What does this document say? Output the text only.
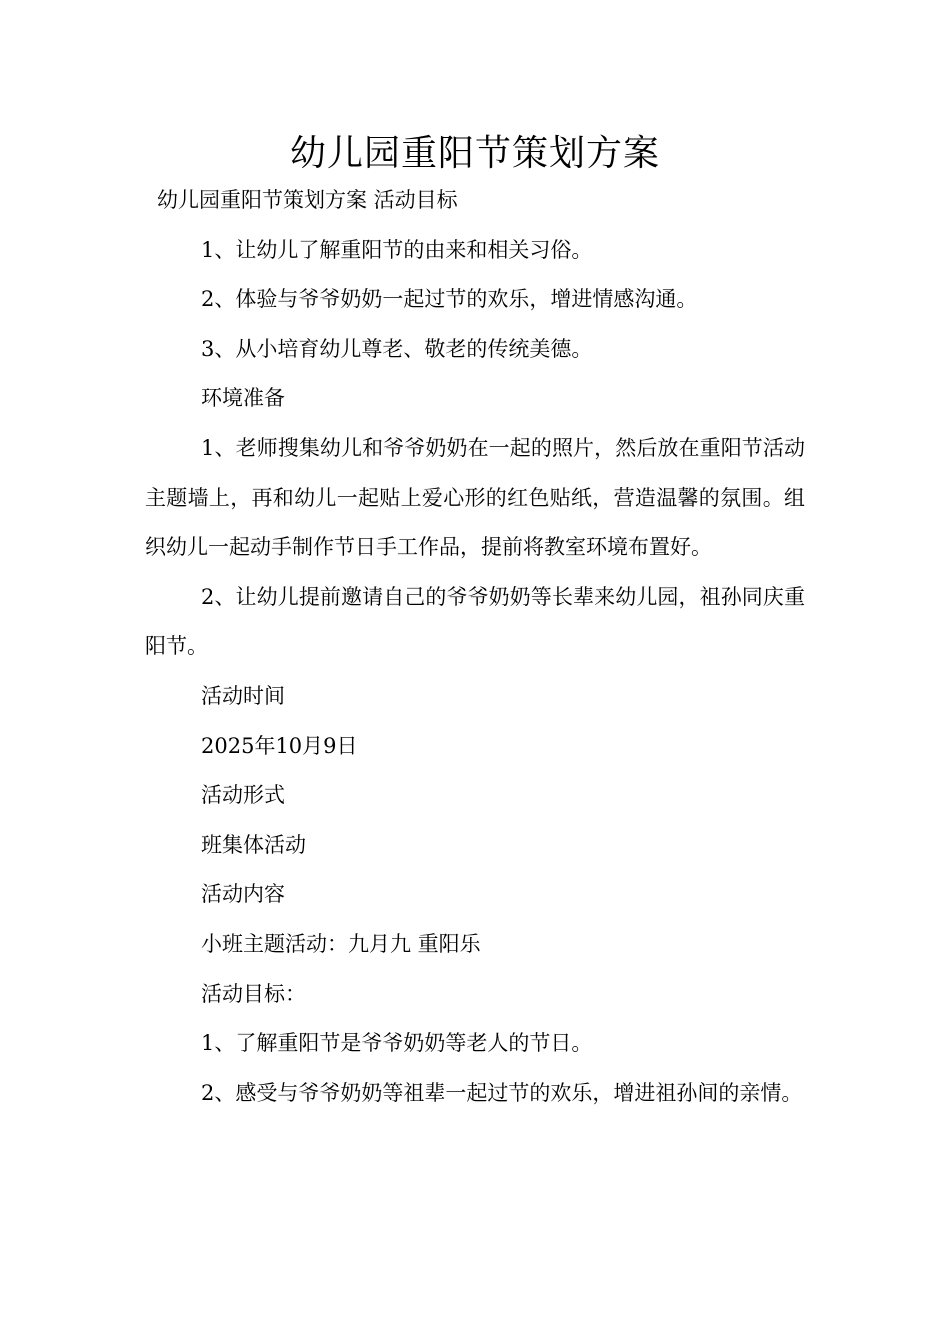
幼儿园重阳节策划方案

幼儿园重阳节策划方案 活动目标

1、让幼儿了解重阳节的由来和相关习俗。

2、体验与爷爷奶奶一起过节的欢乐，增进情感沟通。

3、从小培育幼儿尊老、敬老的传统美德。

环境准备

1、老师搜集幼儿和爷爷奶奶在一起的照片，然后放在重阳节活动主题墙上，再和幼儿一起贴上爱心形的红色贴纸，营造温馨的氛围。组织幼儿一起动手制作节日手工作品，提前将教室环境布置好。

2、让幼儿提前邀请自己的爷爷奶奶等长辈来幼儿园，祖孙同庆重阳节。

活动时间

2025年10月9日

活动形式

班集体活动

活动内容

小班主题活动：九月九 重阳乐

活动目标：

1、了解重阳节是爷爷奶奶等老人的节日。

2、感受与爷爷奶奶等祖辈一起过节的欢乐，增进祖孙间的亲情。
